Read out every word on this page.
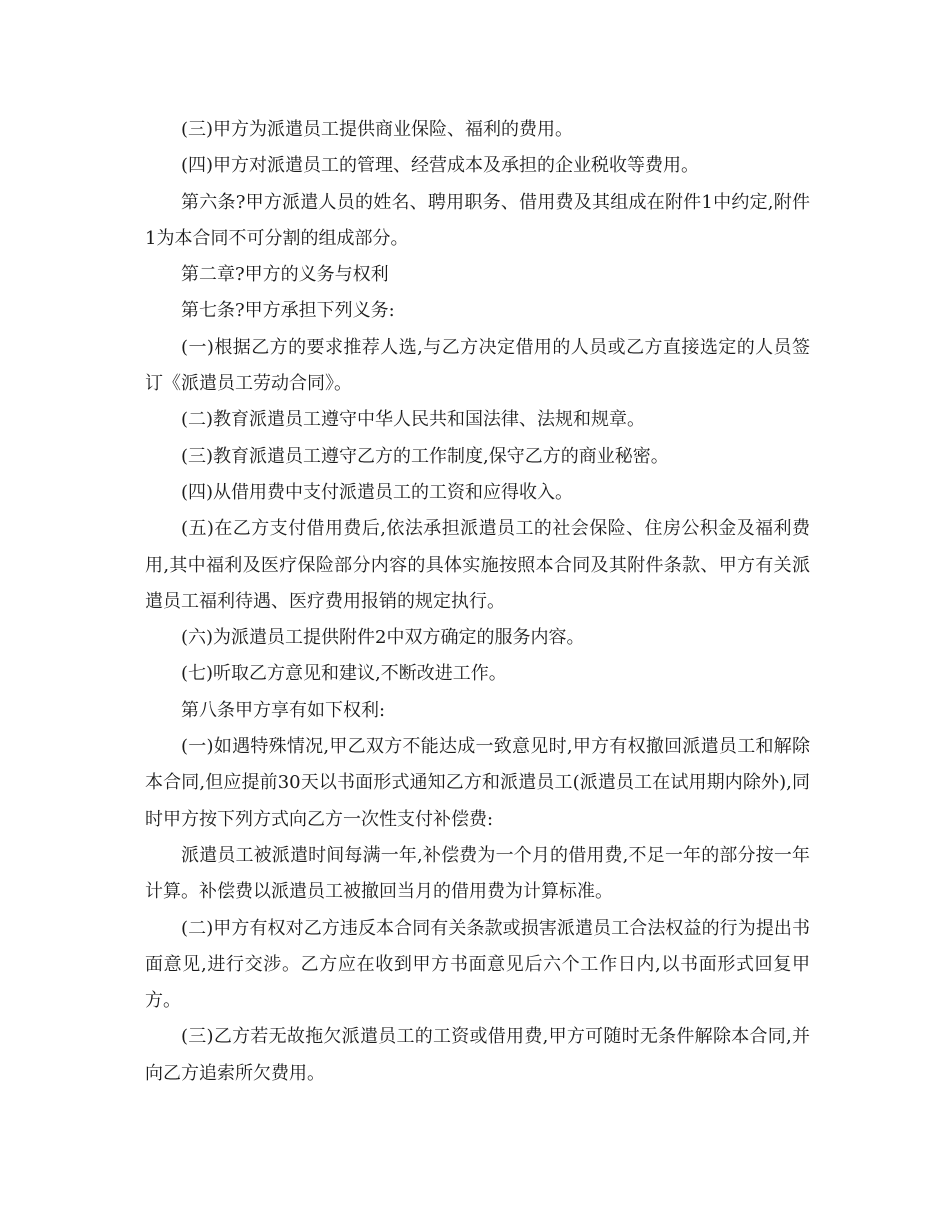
(三)甲方为派遣员工提供商业保险、福利的费用。

(四)甲方对派遣员工的管理、经营成本及承担的企业税收等费用。

第六条?甲方派遣人员的姓名、聘用职务、借用费及其组成在附件1中约定,附件1为本合同不可分割的组成部分。

第二章?甲方的义务与权利

第七条?甲方承担下列义务:

(一)根据乙方的要求推荐人选,与乙方决定借用的人员或乙方直接选定的人员签订《派遣员工劳动合同》。

(二)教育派遣员工遵守中华人民共和国法律、法规和规章。

(三)教育派遣员工遵守乙方的工作制度,保守乙方的商业秘密。

(四)从借用费中支付派遣员工的工资和应得收入。

(五)在乙方支付借用费后,依法承担派遣员工的社会保险、住房公积金及福利费用,其中福利及医疗保险部分内容的具体实施按照本合同及其附件条款、甲方有关派遣员工福利待遇、医疗费用报销的规定执行。

(六)为派遣员工提供附件2中双方确定的服务内容。

(七)听取乙方意见和建议,不断改进工作。

第八条甲方享有如下权利:

(一)如遇特殊情况,甲乙双方不能达成一致意见时,甲方有权撤回派遣员工和解除本合同,但应提前30天以书面形式通知乙方和派遣员工(派遣员工在试用期内除外),同时甲方按下列方式向乙方一次性支付补偿费:

派遣员工被派遣时间每满一年,补偿费为一个月的借用费,不足一年的部分按一年计算。补偿费以派遣员工被撤回当月的借用费为计算标准。

(二)甲方有权对乙方违反本合同有关条款或损害派遣员工合法权益的行为提出书面意见,进行交涉。乙方应在收到甲方书面意见后六个工作日内,以书面形式回复甲方。

(三)乙方若无故拖欠派遣员工的工资或借用费,甲方可随时无条件解除本合同,并向乙方追索所欠费用。
